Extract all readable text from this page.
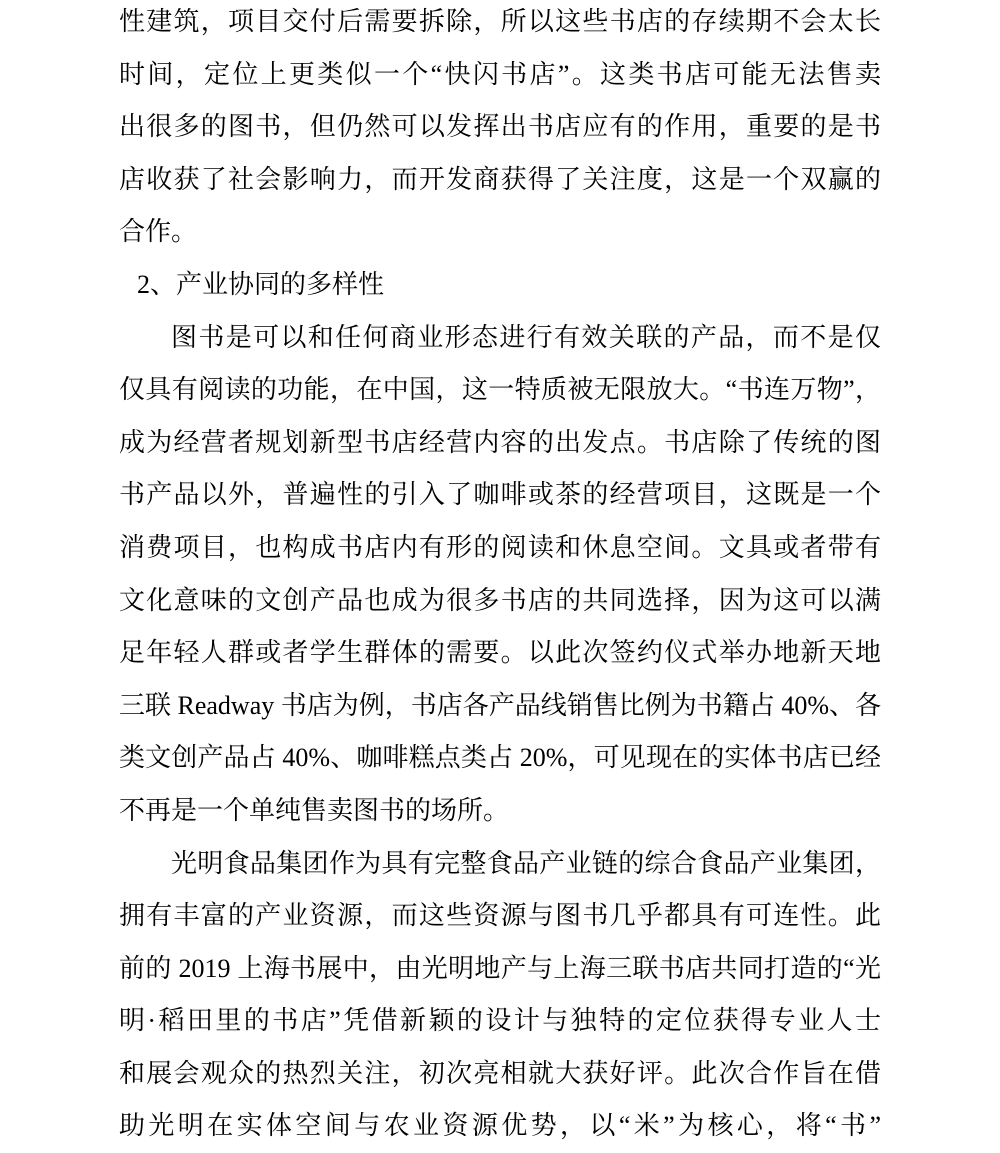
性建筑，项目交付后需要拆除，所以这些书店的存续期不会太长
时间，定位上更类似一个“快闪书店”。这类书店可能无法售卖
出很多的图书，但仍然可以发挥出书店应有的作用，重要的是书
店收获了社会影响力，而开发商获得了关注度，这是一个双赢的
合作。
2、产业协同的多样性
图书是可以和任何商业形态进行有效关联的产品，而不是仅
仅具有阅读的功能，在中国，这一特质被无限放大。“书连万物”，
成为经营者规划新型书店经营内容的出发点。书店除了传统的图
书产品以外，普遍性的引入了咖啡或茶的经营项目，这既是一个
消费项目，也构成书店内有形的阅读和休息空间。文具或者带有
文化意味的文创产品也成为很多书店的共同选择，因为这可以满
足年轻人群或者学生群体的需要。以此次签约仪式举办地新天地
三联 Readway 书店为例，书店各产品线销售比例为书籍占 40%、各
类文创产品占 40%、咖啡糕点类占 20%，可见现在的实体书店已经
不再是一个单纯售卖图书的场所。
光明食品集团作为具有完整食品产业链的综合食品产业集团，
拥有丰富的产业资源，而这些资源与图书几乎都具有可连性。此
前的 2019 上海书展中，由光明地产与上海三联书店共同打造的“光
明·稻田里的书店”凭借新颖的设计与独特的定位获得专业人士
和展会观众的热烈关注，初次亮相就大获好评。此次合作旨在借
助光明在实体空间与农业资源优势，以“米”为核心，将“书”
